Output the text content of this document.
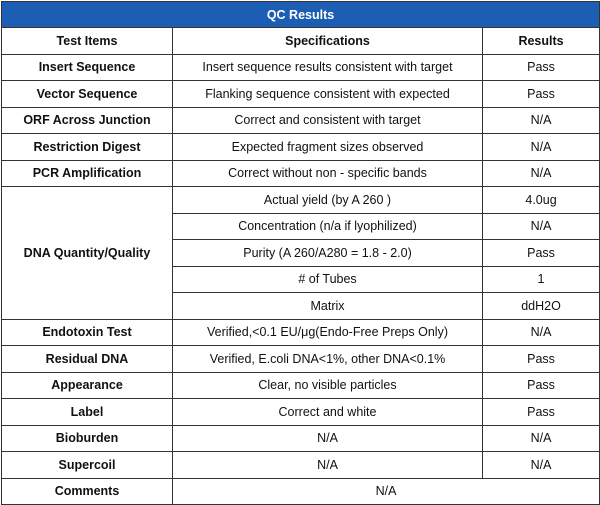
QC Results		
Test Items	Specifications	Results
Insert Sequence	Insert sequence results consistent with target	Pass
Vector Sequence	Flanking sequence consistent with expected	Pass
ORF Across Junction	Correct and consistent with target	N/A
Restriction Digest	Expected fragment sizes observed	N/A
PCR Amplification	Correct without non - specific bands	N/A
DNA Quantity/Quality	Actual yield (by A 260 )	4.0ug
	Concentration (n/a if lyophilized)	N/A
	Purity (A 260/A280 = 1.8 - 2.0)	Pass
	# of Tubes	1
	Matrix	ddH2O
Endotoxin Test	Verified,<0.1 EU/μg(Endo-Free Preps Only)	N/A
Residual DNA	Verified, E.coli DNA<1%, other DNA<0.1%	Pass
Appearance	Clear, no visible particles	Pass
Label	Correct and white	Pass
Bioburden	N/A	N/A
Supercoil	N/A	N/A
Comments	N/A	
